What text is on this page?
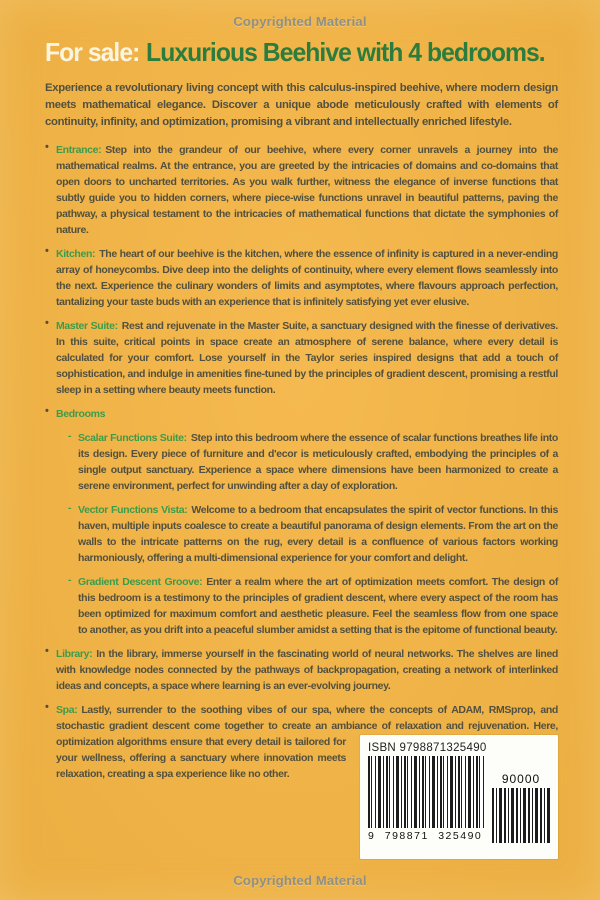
Copyrighted Material
For sale: Luxurious Beehive with 4 bedrooms.

Experience a revolutionary living concept with this calculus-inspired beehive, where modern design meets mathematical elegance. Discover a unique abode meticulously crafted with elements of continuity, infinity, and optimization, promising a vibrant and intellectually enriched lifestyle.

• Entrance: Step into the grandeur of our beehive, where every corner unravels a journey into the mathematical realms. At the entrance, you are greeted by the intricacies of domains and co-domains that open doors to uncharted territories. As you walk further, witness the elegance of inverse functions that subtly guide you to hidden corners, where piece-wise functions unravel in beautiful patterns, paving the pathway, a physical testament to the intricacies of mathematical functions that dictate the symphonies of nature.

• Kitchen: The heart of our beehive is the kitchen, where the essence of infinity is captured in a never-ending array of honeycombs. Dive deep into the delights of continuity, where every element flows seamlessly into the next. Experience the culinary wonders of limits and asymptotes, where flavours approach perfection, tantalizing your taste buds with an experience that is infinitely satisfying yet ever elusive.

• Master Suite: Rest and rejuvenate in the Master Suite, a sanctuary designed with the finesse of derivatives. In this suite, critical points in space create an atmosphere of serene balance, where every detail is calculated for your comfort. Lose yourself in the Taylor series inspired designs that add a touch of sophistication, and indulge in amenities fine-tuned by the principles of gradient descent, promising a restful sleep in a setting where beauty meets function.

• Bedrooms

- Scalar Functions Suite: Step into this bedroom where the essence of scalar functions breathes life into its design. Every piece of furniture and d'ecor is meticulously crafted, embodying the principles of a single output sanctuary. Experience a space where dimensions have been harmonized to create a serene environment, perfect for unwinding after a day of exploration.

- Vector Functions Vista: Welcome to a bedroom that encapsulates the spirit of vector functions. In this haven, multiple inputs coalesce to create a beautiful panorama of design elements. From the art on the walls to the intricate patterns on the rug, every detail is a confluence of various factors working harmoniously, offering a multi-dimensional experience for your comfort and delight.

- Gradient Descent Groove: Enter a realm where the art of optimization meets comfort. The design of this bedroom is a testimony to the principles of gradient descent, where every aspect of the room has been optimized for maximum comfort and aesthetic pleasure. Feel the seamless flow from one space to another, as you drift into a peaceful slumber amidst a setting that is the epitome of functional beauty.

• Library: In the library, immerse yourself in the fascinating world of neural networks. The shelves are lined with knowledge nodes connected by the pathways of backpropagation, creating a network of interlinked ideas and concepts, a space where learning is an ever-evolving journey.

•

ISBN 9798871325490
9 798871 325490
90000
Spa: Lastly, surrender to the soothing vibes of our spa, where the concepts of ADAM, RMSprop, and stochastic gradient descent come together to create an ambiance of relaxation and rejuvenation. Here, optimization algorithms ensure that every detail is tailored for your wellness, offering a sanctuary where innovation meets relaxation, creating a spa experience like no other.

Copyrighted Material
